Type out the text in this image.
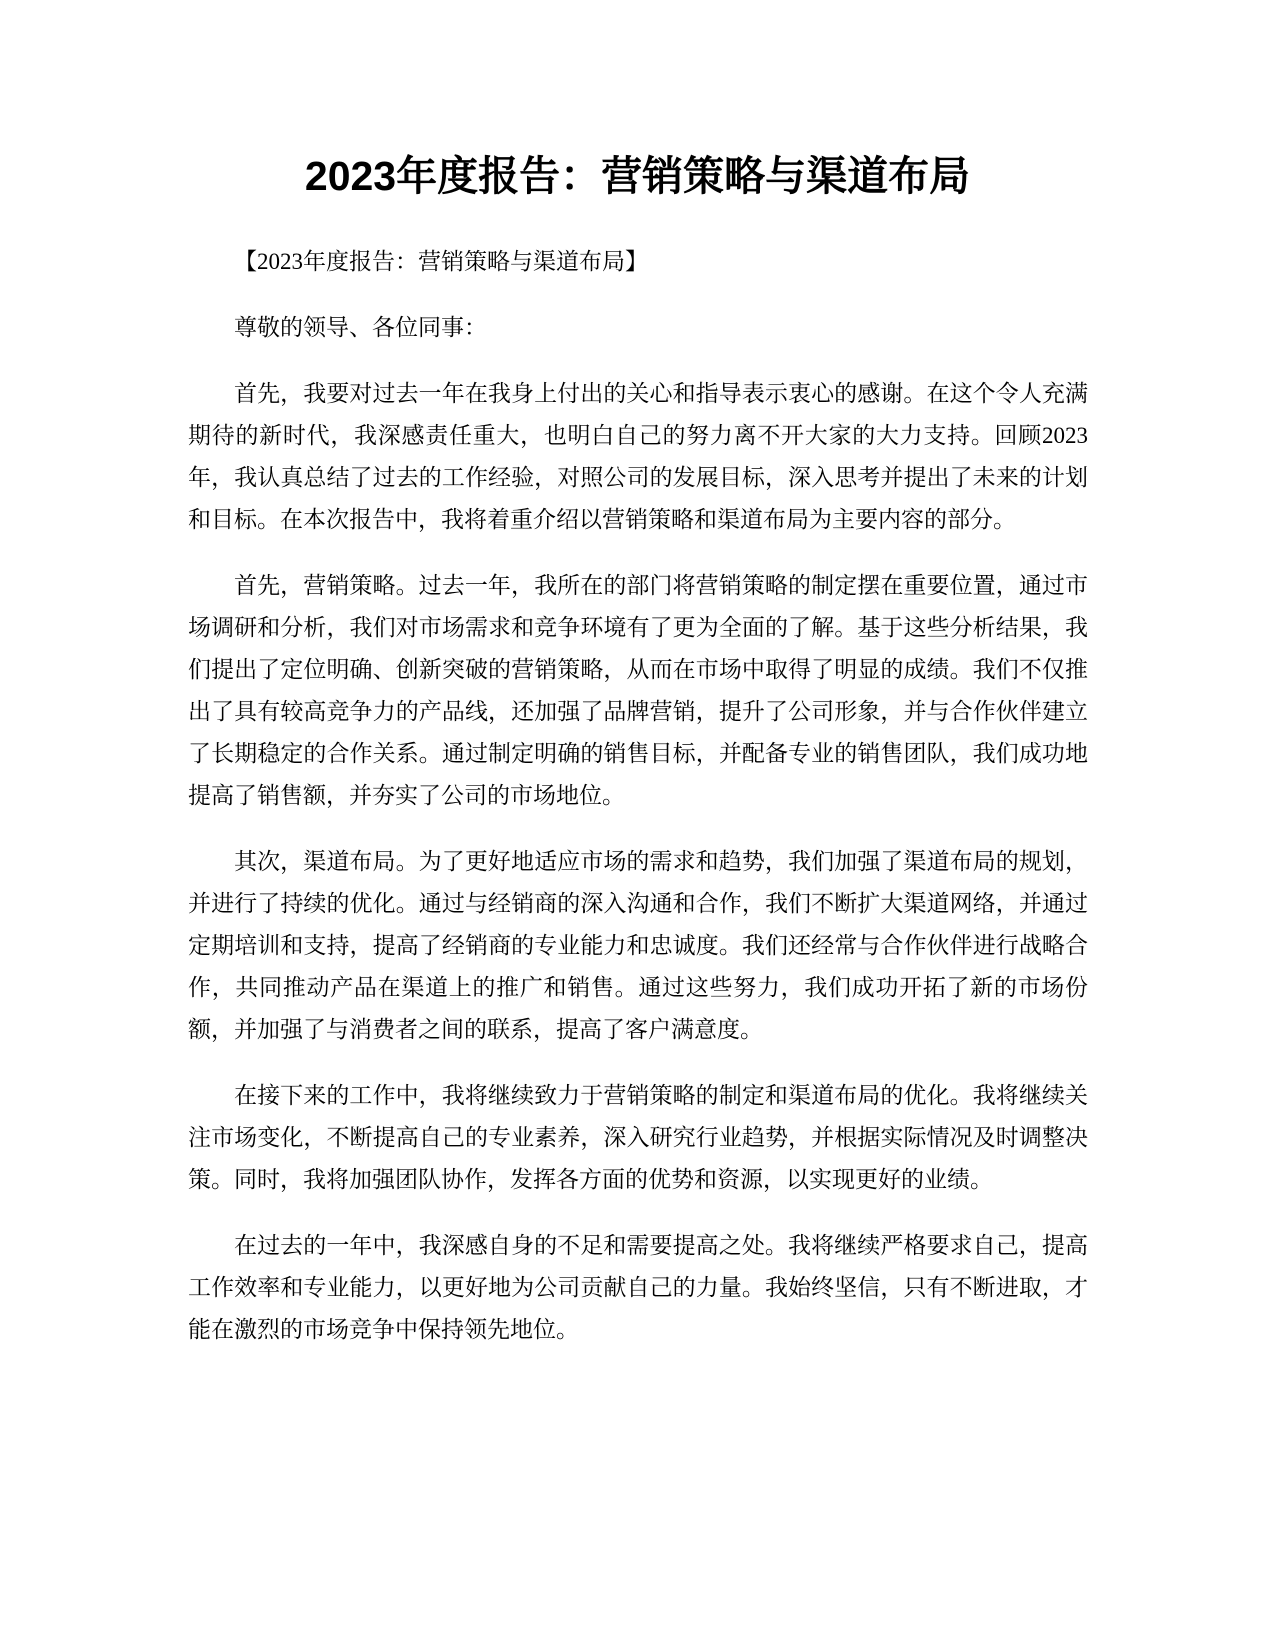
2023年度报告：营销策略与渠道布局

【2023年度报告：营销策略与渠道布局】

尊敬的领导、各位同事：

首先，我要对过去一年在我身上付出的关心和指导表示衷心的感谢。在这个令人充满期待的新时代，我深感责任重大，也明白自己的努力离不开大家的大力支持。回顾2023年，我认真总结了过去的工作经验，对照公司的发展目标，深入思考并提出了未来的计划和目标。在本次报告中，我将着重介绍以营销策略和渠道布局为主要内容的部分。

首先，营销策略。过去一年，我所在的部门将营销策略的制定摆在重要位置，通过市场调研和分析，我们对市场需求和竞争环境有了更为全面的了解。基于这些分析结果，我们提出了定位明确、创新突破的营销策略，从而在市场中取得了明显的成绩。我们不仅推出了具有较高竞争力的产品线，还加强了品牌营销，提升了公司形象，并与合作伙伴建立了长期稳定的合作关系。通过制定明确的销售目标，并配备专业的销售团队，我们成功地提高了销售额，并夯实了公司的市场地位。

其次，渠道布局。为了更好地适应市场的需求和趋势，我们加强了渠道布局的规划，并进行了持续的优化。通过与经销商的深入沟通和合作，我们不断扩大渠道网络，并通过定期培训和支持，提高了经销商的专业能力和忠诚度。我们还经常与合作伙伴进行战略合作，共同推动产品在渠道上的推广和销售。通过这些努力，我们成功开拓了新的市场份额，并加强了与消费者之间的联系，提高了客户满意度。

在接下来的工作中，我将继续致力于营销策略的制定和渠道布局的优化。我将继续关注市场变化，不断提高自己的专业素养，深入研究行业趋势，并根据实际情况及时调整决策。同时，我将加强团队协作，发挥各方面的优势和资源，以实现更好的业绩。

在过去的一年中，我深感自身的不足和需要提高之处。我将继续严格要求自己，提高工作效率和专业能力，以更好地为公司贡献自己的力量。我始终坚信，只有不断进取，才能在激烈的市场竞争中保持领先地位。
